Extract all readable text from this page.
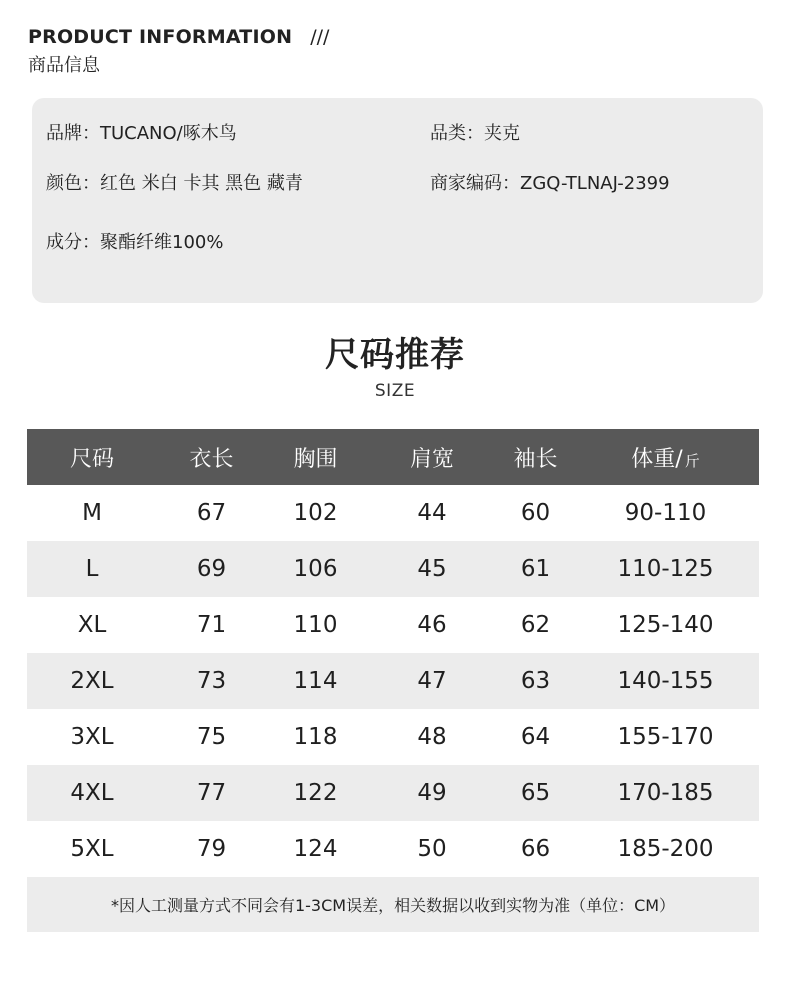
PRODUCT INFORMATION ///
商品信息
品牌：TUCANO/啄木鸟	品类：夹克
颜色：红色 米白 卡其 黑色 藏青	商家编码：ZGQ-TLNAJ-2399
成分：聚酯纤维100%
尺码推荐
SIZE
尺码	衣长	胸围	肩宽	袖长	体重/ 斤
M	67	102	44	60	90-110
L	69	106	45	61	110-125
XL	71	110	46	62	125-140
2XL	73	114	47	63	140-155
3XL	75	118	48	64	155-170
4XL	77	122	49	65	170-185
5XL	79	124	50	66	185-200
*因人工测量方式不同会有1-3CM误差，相关数据以收到实物为准（单位：CM）
